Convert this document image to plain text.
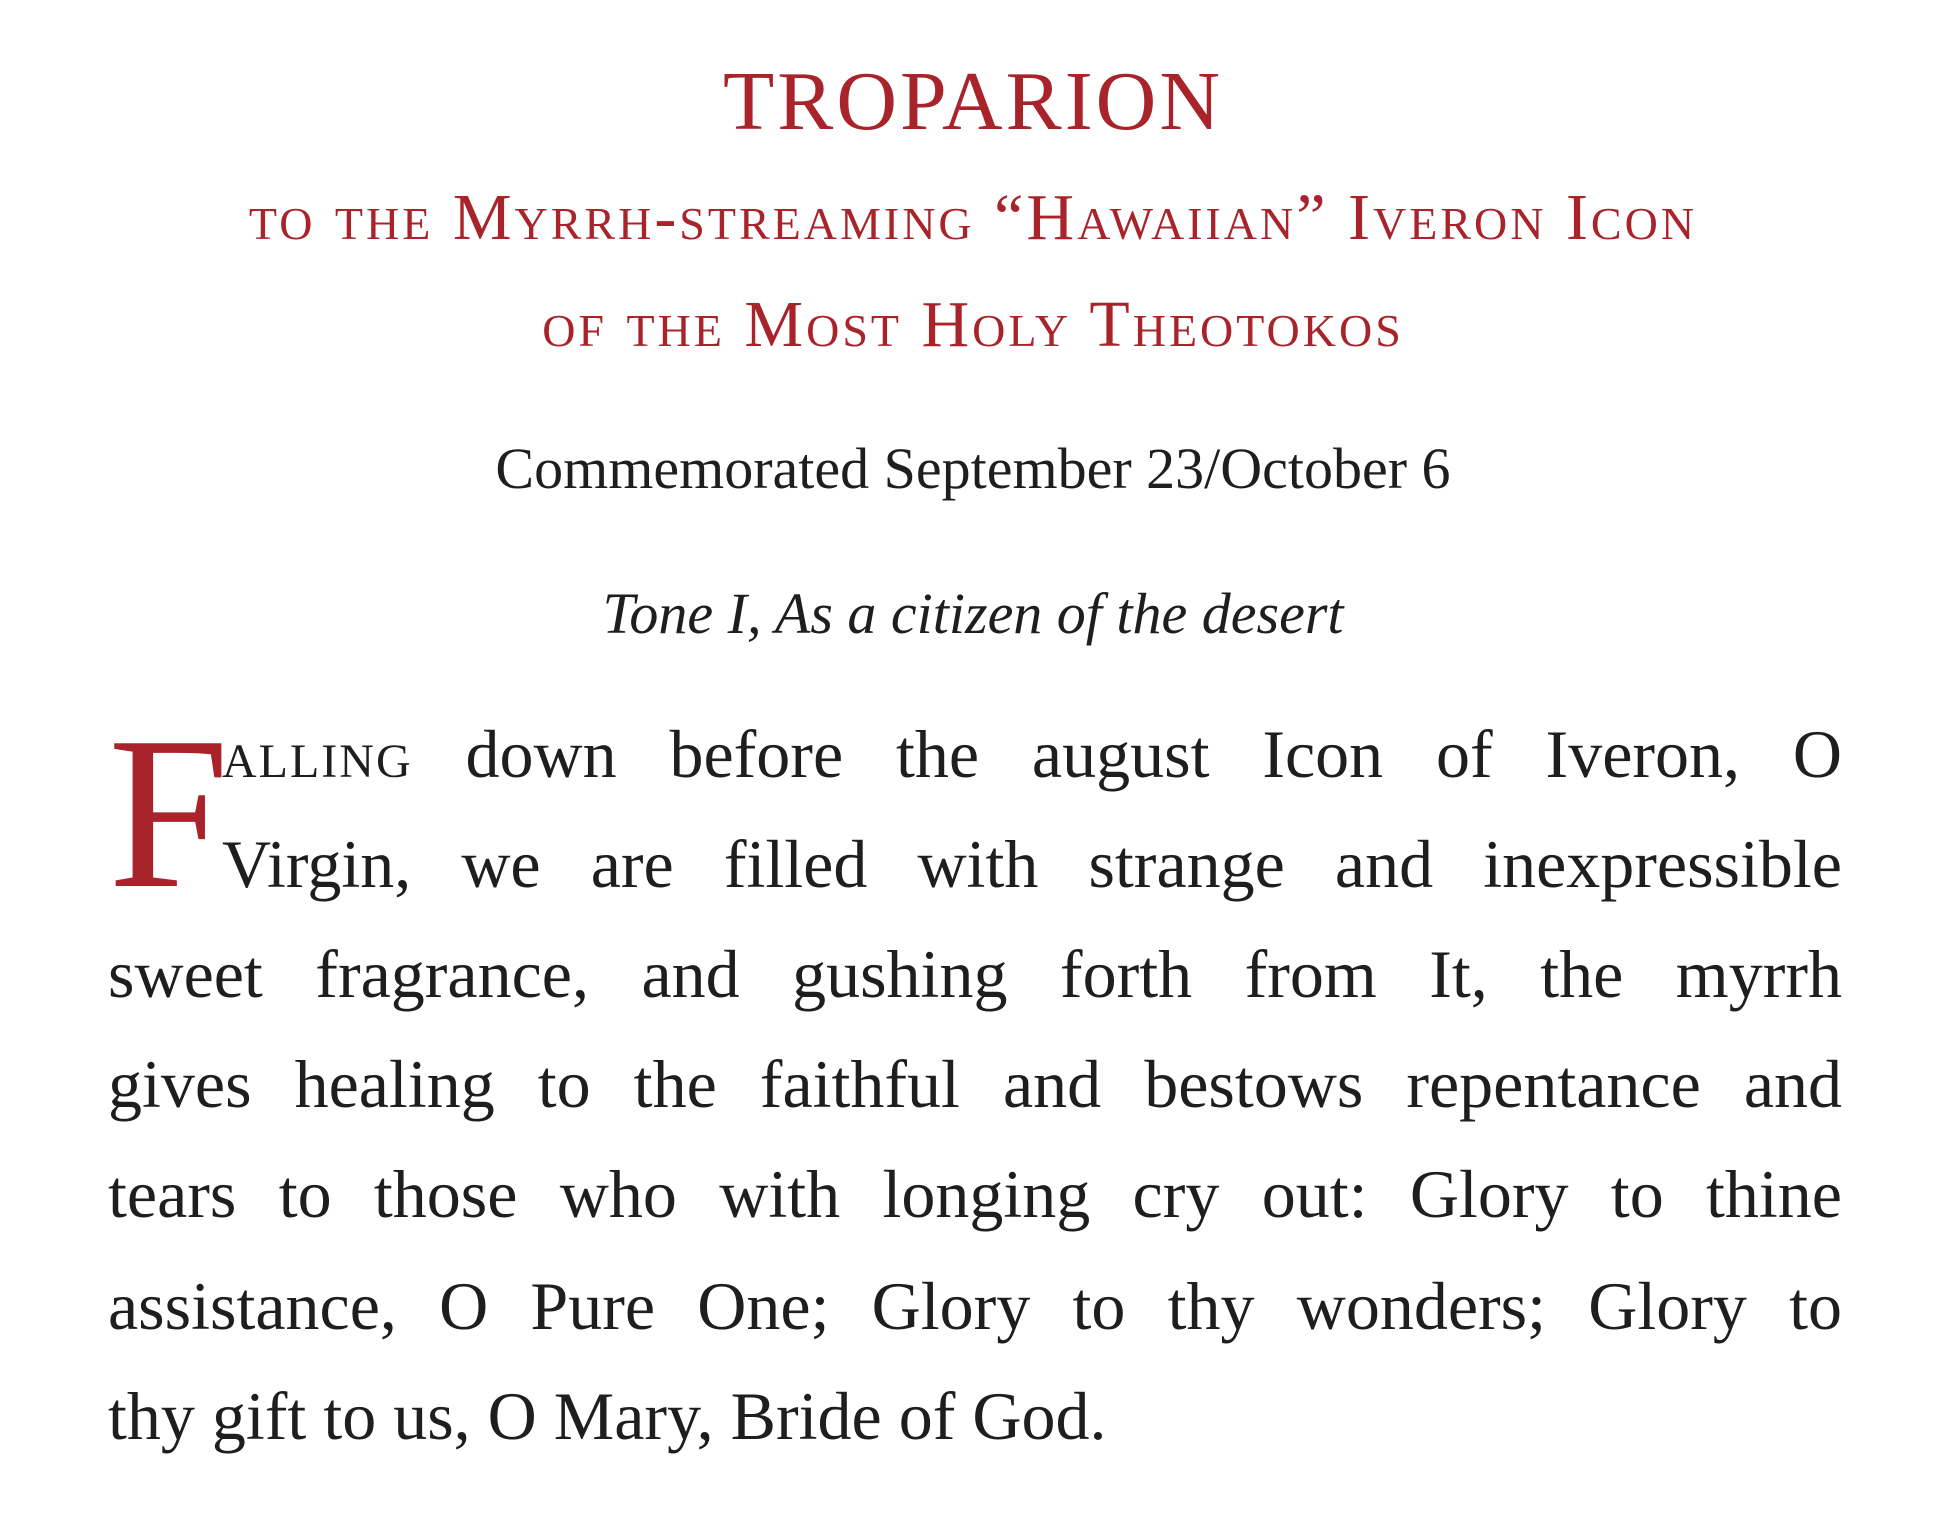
TROPARION

to the Myrrh-streaming “Hawaiian” Iveron Icon

of the Most Holy Theotokos

Commemorated September 23/October 6

Tone I, As a citizen of the desert

F

alling down before the august Icon of Iveron, O

Virgin, we are filled with strange and inexpressible

sweet fragrance, and gushing forth from It, the myrrh

gives healing to the faithful and bestows repentance and

tears to those who with longing cry out: Glory to thine

assistance, O Pure One; Glory to thy wonders; Glory to

thy gift to us, O Mary, Bride of God.
